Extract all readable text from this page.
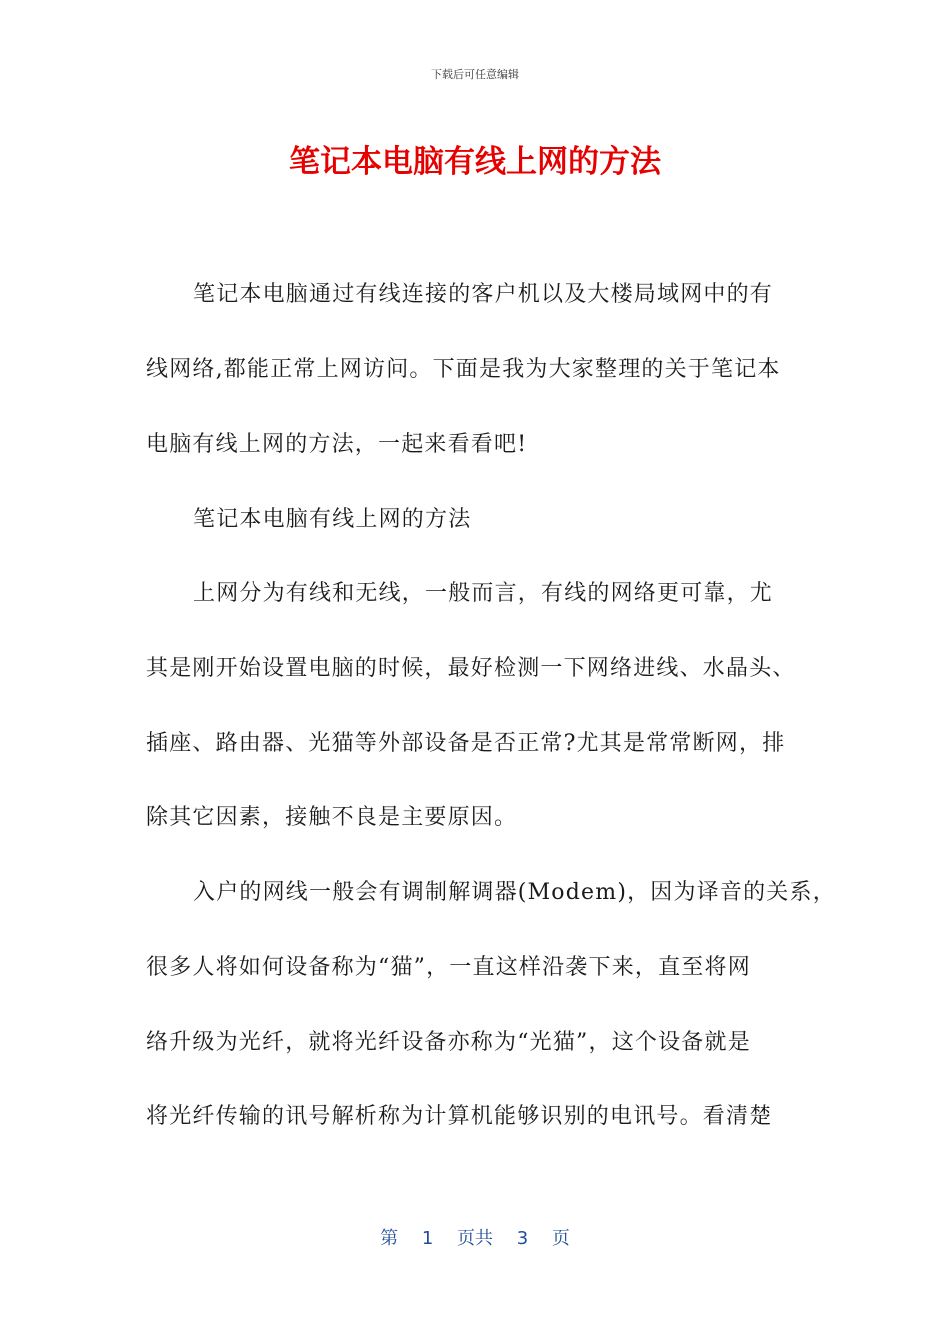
下载后可任意编辑
笔记本电脑有线上网的方法
笔记本电脑通过有线连接的客户机以及大楼局域网中的有
线网络,都能正常上网访问。下面是我为大家整理的关于笔记本
电脑有线上网的方法，一起来看看吧!
笔记本电脑有线上网的方法
上网分为有线和无线，一般而言，有线的网络更可靠，尤
其是刚开始设置电脑的时候，最好检测一下网络进线、水晶头、
插座、路由器、光猫等外部设备是否正常?尤其是常常断网，排
除其它因素，接触不良是主要原因。
入户的网线一般会有调制解调器(Modem)，因为译音的关系，
很多人将如何设备称为“猫”，一直这样沿袭下来，直至将网
络升级为光纤，就将光纤设备亦称为“光猫”，这个设备就是
将光纤传输的讯号解析称为计算机能够识别的电讯号。看清楚
第 1 页共 3 页
